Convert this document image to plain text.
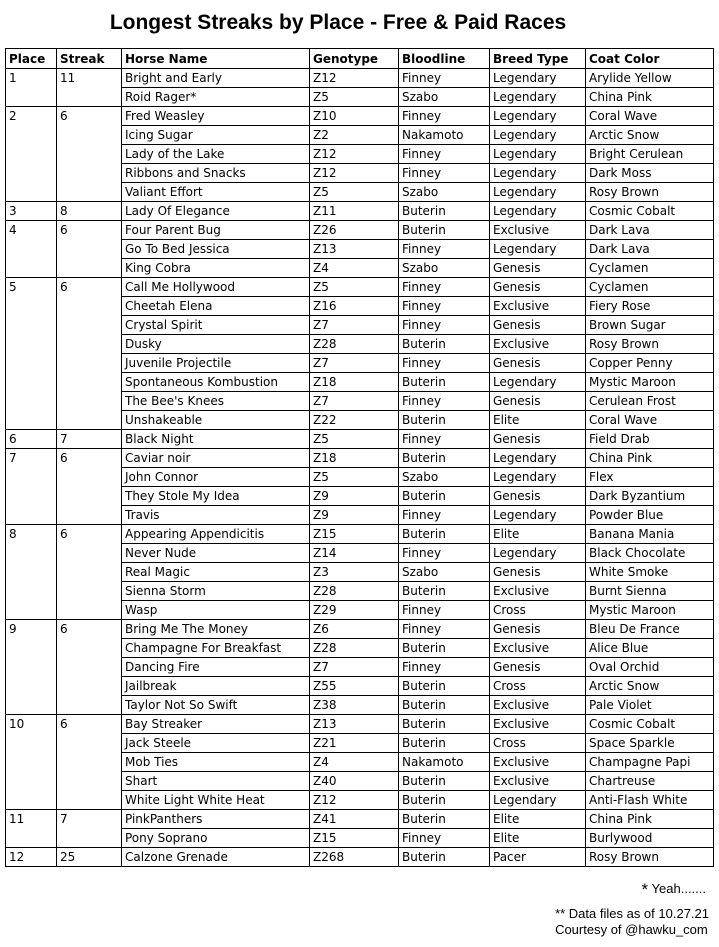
Longest Streaks by Place - Free & Paid Races
Place	Streak	Horse Name	Genotype	Bloodline	Breed Type	Coat Color
1	11	Bright and Early	Z12	Finney	Legendary	Arylide Yellow
		Roid Rager*	Z5	Szabo	Legendary	China Pink
2	6	Fred Weasley	Z10	Finney	Legendary	Coral Wave
		Icing Sugar	Z2	Nakamoto	Legendary	Arctic Snow
		Lady of the Lake	Z12	Finney	Legendary	Bright Cerulean
		Ribbons and Snacks	Z12	Finney	Legendary	Dark Moss
		Valiant Effort	Z5	Szabo	Legendary	Rosy Brown
3	8	Lady Of Elegance	Z11	Buterin	Legendary	Cosmic Cobalt
4	6	Four Parent Bug	Z26	Buterin	Exclusive	Dark Lava
		Go To Bed Jessica	Z13	Finney	Legendary	Dark Lava
		King Cobra	Z4	Szabo	Genesis	Cyclamen
5	6	Call Me Hollywood	Z5	Finney	Genesis	Cyclamen
		Cheetah Elena	Z16	Finney	Exclusive	Fiery Rose
		Crystal Spirit	Z7	Finney	Genesis	Brown Sugar
		Dusky	Z28	Buterin	Exclusive	Rosy Brown
		Juvenile Projectile	Z7	Finney	Genesis	Copper Penny
		Spontaneous Kombustion	Z18	Buterin	Legendary	Mystic Maroon
		The Bee's Knees	Z7	Finney	Genesis	Cerulean Frost
		Unshakeable	Z22	Buterin	Elite	Coral Wave
6	7	Black Night	Z5	Finney	Genesis	Field Drab
7	6	Caviar noir	Z18	Buterin	Legendary	China Pink
		John Connor	Z5	Szabo	Legendary	Flex
		They Stole My Idea	Z9	Buterin	Genesis	Dark Byzantium
		Travis	Z9	Finney	Legendary	Powder Blue
8	6	Appearing Appendicitis	Z15	Buterin	Elite	Banana Mania
		Never Nude	Z14	Finney	Legendary	Black Chocolate
		Real Magic	Z3	Szabo	Genesis	White Smoke
		Sienna Storm	Z28	Buterin	Exclusive	Burnt Sienna
		Wasp	Z29	Finney	Cross	Mystic Maroon
9	6	Bring Me The Money	Z6	Finney	Genesis	Bleu De France
		Champagne For Breakfast	Z28	Buterin	Exclusive	Alice Blue
		Dancing Fire	Z7	Finney	Genesis	Oval Orchid
		Jailbreak	Z55	Buterin	Cross	Arctic Snow
		Taylor Not So Swift	Z38	Buterin	Exclusive	Pale Violet
10	6	Bay Streaker	Z13	Buterin	Exclusive	Cosmic Cobalt
		Jack Steele	Z21	Buterin	Cross	Space Sparkle
		Mob Ties	Z4	Nakamoto	Exclusive	Champagne Papi
		Shart	Z40	Buterin	Exclusive	Chartreuse
		White Light White Heat	Z12	Buterin	Legendary	Anti-Flash White
11	7	PinkPanthers	Z41	Buterin	Elite	China Pink
		Pony Soprano	Z15	Finney	Elite	Burlywood
12	25	Calzone Grenade	Z268	Buterin	Pacer	Rosy Brown
* Yeah.......
** Data files as of 10.27.21
Courtesy of @hawku_com
